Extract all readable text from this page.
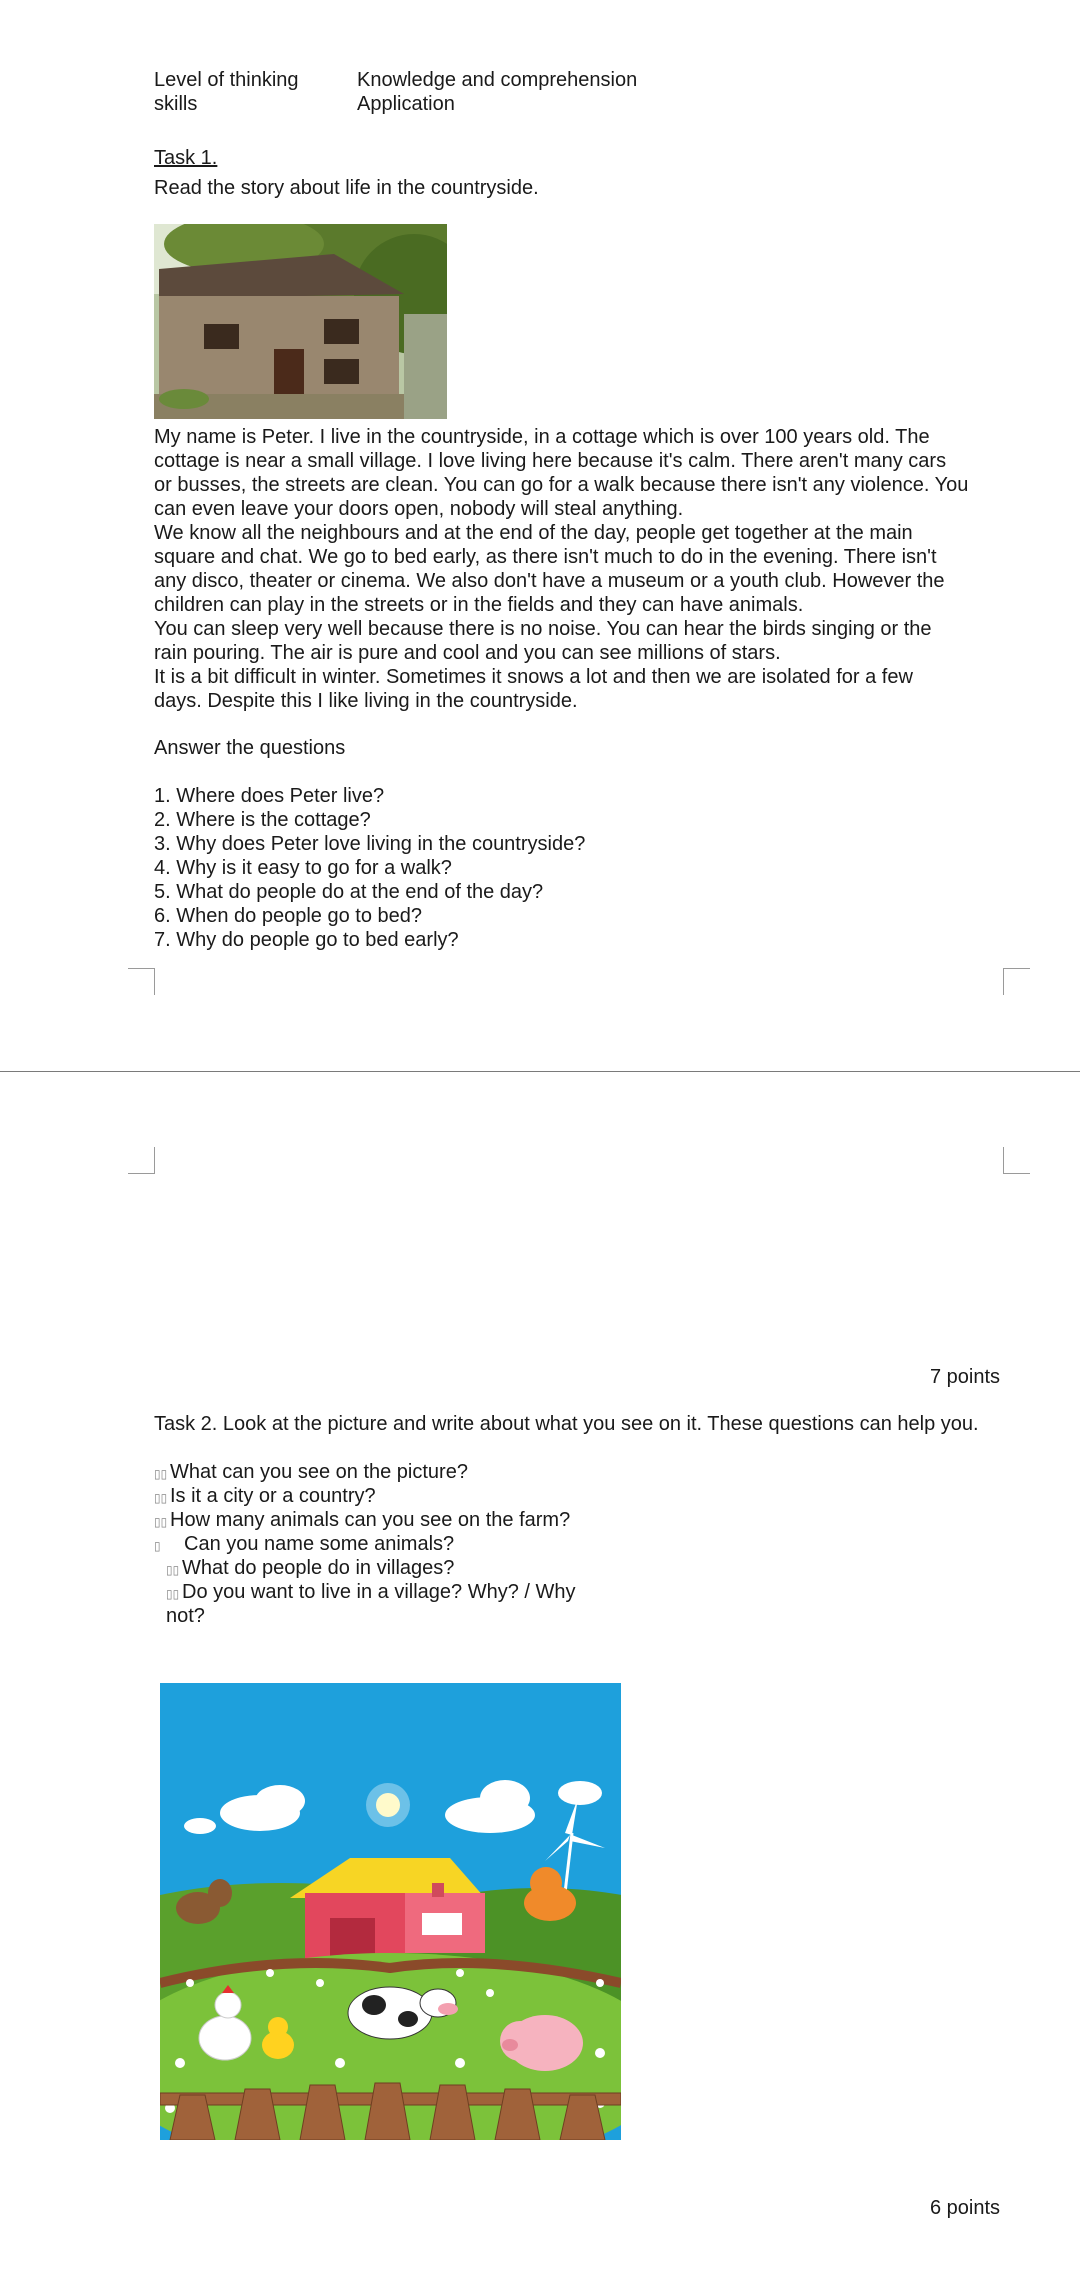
Level of thinking
skills
Knowledge and comprehension
Application
Task 1.
Read the story about life in the countryside.

My name is Peter. I live in the countryside, in a cottage which is over 100 years old. The

cottage is near a small village. I love living here because it's calm. There aren't many cars

or busses, the streets are clean. You can go for a walk because there isn't any violence. You

can even leave your doors open, nobody will steal anything.

We know all the neighbours and at the end of the day, people get together at the main

square and chat. We go to bed early, as there isn't much to do in the evening. There isn't

any disco, theater or cinema. We also don't have a museum or a youth club. However the

children can play in the streets or in the fields and they can have animals.

You can sleep very well because there is no noise. You can hear the birds singing or the

rain pouring. The air is pure and cool and you can see millions of stars.

It is a bit difficult in winter. Sometimes it snows a lot and then we are isolated for a few

days. Despite this I like living in the countryside.

Answer the questions
1. Where does Peter live?
2. Where is the cottage?
3. Why does Peter love living in the countryside?
4. Why is it easy to go for a walk?
5. What do people do at the end of the day?
6. When do people go to bed?
7. Why do people go to bed early?
7 points
Task 2. Look at the picture and write about what you see on it. These questions can help you.
▯▯ What can you see on the picture?
▯▯ Is it a city or a country?
▯▯ How many animals can you see on the farm?
▯ Can you name some animals?
▯▯ What do people do in villages?
▯▯ Do you want to live in a village? Why? / Why
not?
6 points
